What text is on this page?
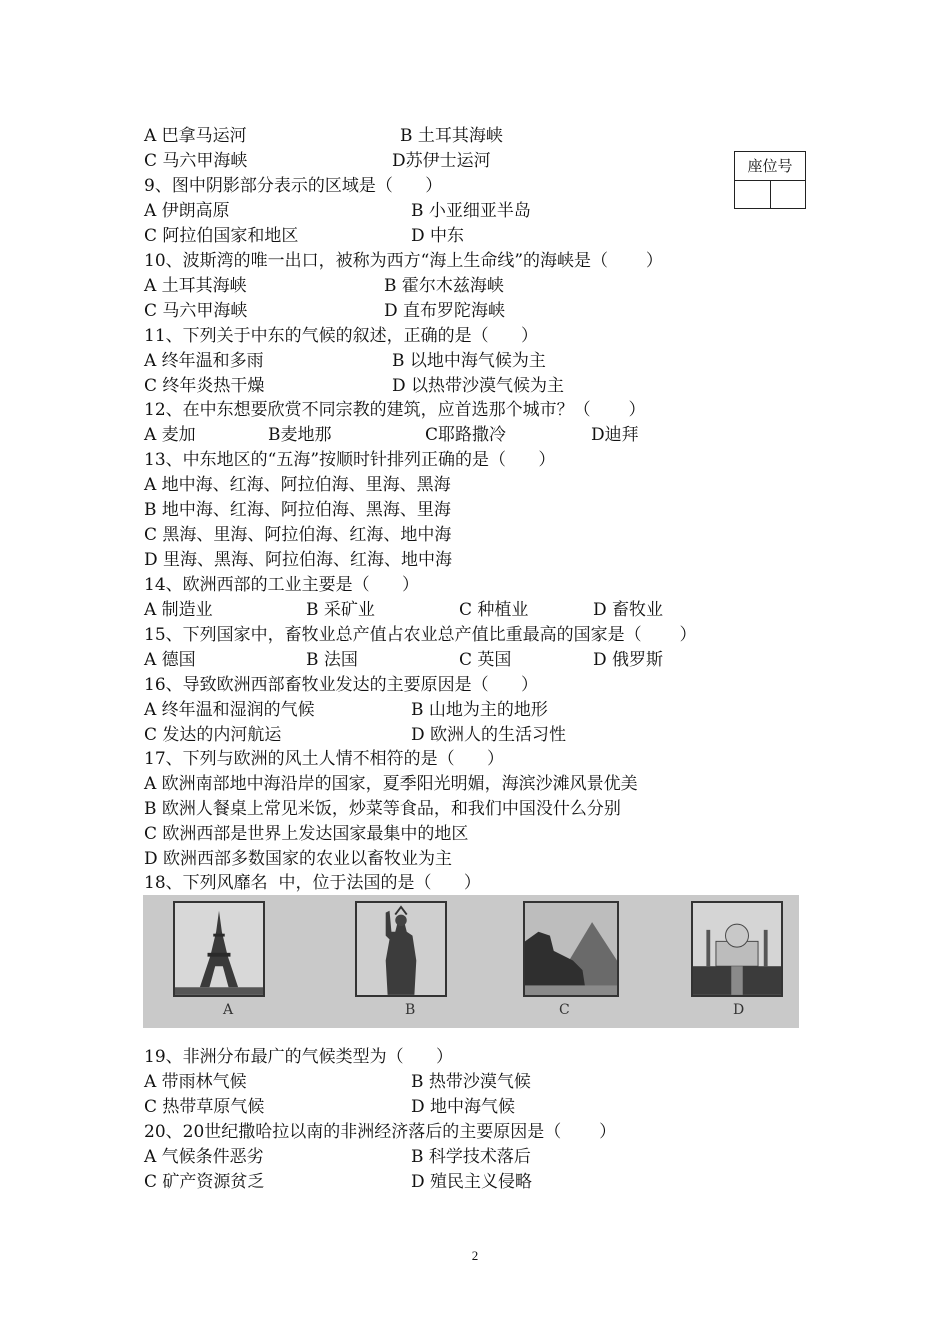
座位号
A 巴拿马运河	B 土耳其海峡
C 马六甲海峡	D苏伊士运河
9、图中阴影部分表示的区域是（      ）
A 伊朗高原	B 小亚细亚半岛
C 阿拉伯国家和地区	D 中东
10、波斯湾的唯一出口，被称为西方“海上生命线”的海峡是（       ）
A 土耳其海峡	B 霍尔木兹海峡
C 马六甲海峡	D 直布罗陀海峡
11、下列关于中东的气候的叙述，正确的是（      ）
A 终年温和多雨	B 以地中海气候为主
C 终年炎热干燥	D 以热带沙漠气候为主
12、在中东想要欣赏不同宗教的建筑，应首选那个城市？（       ）
A 麦加	B麦地那	C耶路撒冷	D迪拜
13、中东地区的“五海”按顺时针排列正确的是（      ）
A 地中海、红海、阿拉伯海、里海、黑海
B 地中海、红海、阿拉伯海、黑海、里海
C 黑海、里海、阿拉伯海、红海、地中海
D 里海、黑海、阿拉伯海、红海、地中海
14、欧洲西部的工业主要是（      ）
A 制造业	B 采矿业	C 种植业	D 畜牧业
15、下列国家中，畜牧业总产值占农业总产值比重最高的国家是（       ）
A 德国	B 法国	C 英国	D 俄罗斯
16、导致欧洲西部畜牧业发达的主要原因是（      ）
A 终年温和湿润的气候	B 山地为主的地形
C 发达的内河航运	D 欧洲人的生活习性
17、下列与欧洲的风土人情不相符的是（      ）
A 欧洲南部地中海沿岸的国家，夏季阳光明媚，海滨沙滩风景优美
B 欧洲人餐桌上常见米饭，炒菜等食品，和我们中国没什么分别
C 欧洲西部是世界上发达国家最集中的地区
D 欧洲西部多数国家的农业以畜牧业为主
18、下列风靡名  中，位于法国的是（      ）
A	B	C	D
19、非洲分布最广的气候类型为（      ）
A 带雨林气候	B 热带沙漠气候
C 热带草原气候	D 地中海气候
20、20世纪撒哈拉以南的非洲经济落后的主要原因是（       ）
A 气候条件恶劣	B 科学技术落后
C 矿产资源贫乏	D 殖民主义侵略
2
